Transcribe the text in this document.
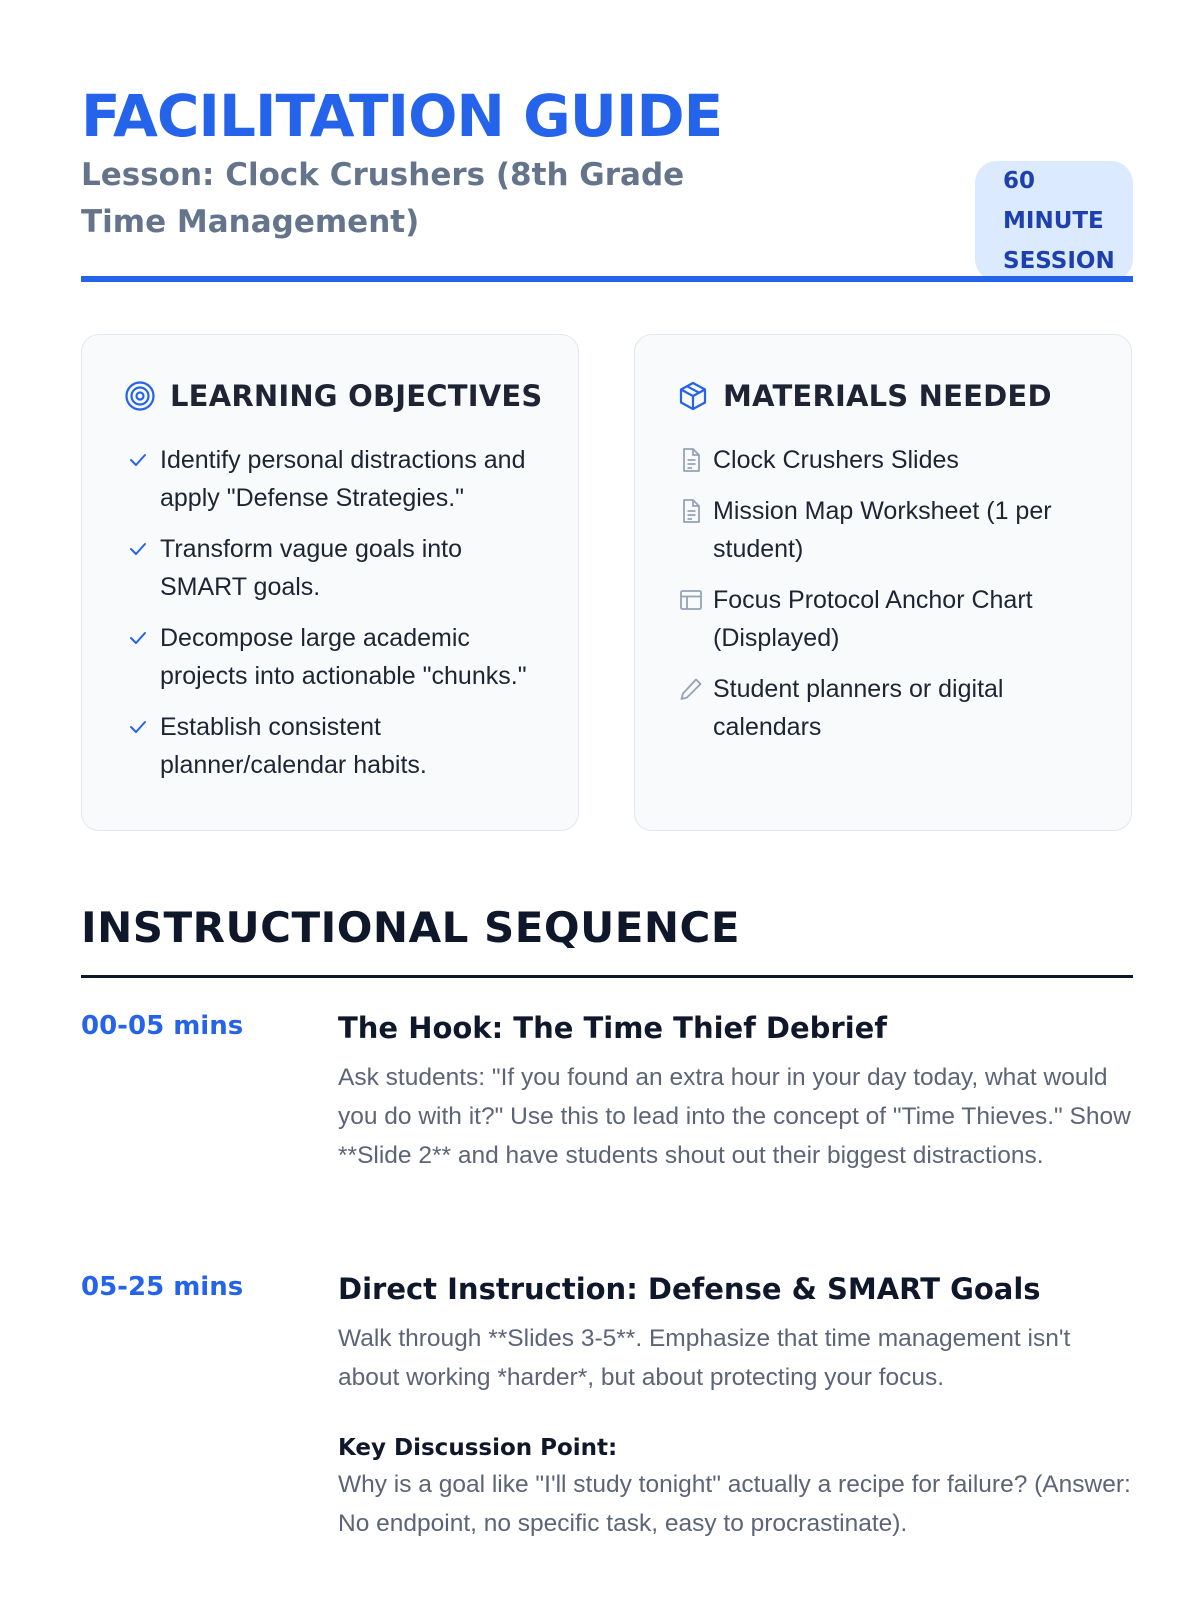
FACILITATION GUIDE
Lesson: Clock Crushers (8th Grade Time Management)
60 MINUTE SESSION
LEARNING OBJECTIVES
Identify personal distractions and apply "Defense Strategies."
Transform vague goals into SMART goals.
Decompose large academic projects into actionable "chunks."
Establish consistent planner/calendar habits.
MATERIALS NEEDED
Clock Crushers Slides
Mission Map Worksheet (1 per student)
Focus Protocol Anchor Chart (Displayed)
Student planners or digital calendars
INSTRUCTIONAL SEQUENCE
00-05 mins	The Hook: The Time Thief Debrief

Ask students: "If you found an extra hour in your day today, what would you do with it?" Use this to lead into the concept of "Time Thieves." Show **Slide 2** and have students shout out their biggest distractions.

05-25 mins	Direct Instruction: Defense & SMART Goals

Walk through **Slides 3-5**. Emphasize that time management isn't about working *harder*, but about protecting your focus.

Key Discussion Point:

Why is a goal like "I'll study tonight" actually a recipe for failure? (Answer: No endpoint, no specific task, easy to procrastinate).
